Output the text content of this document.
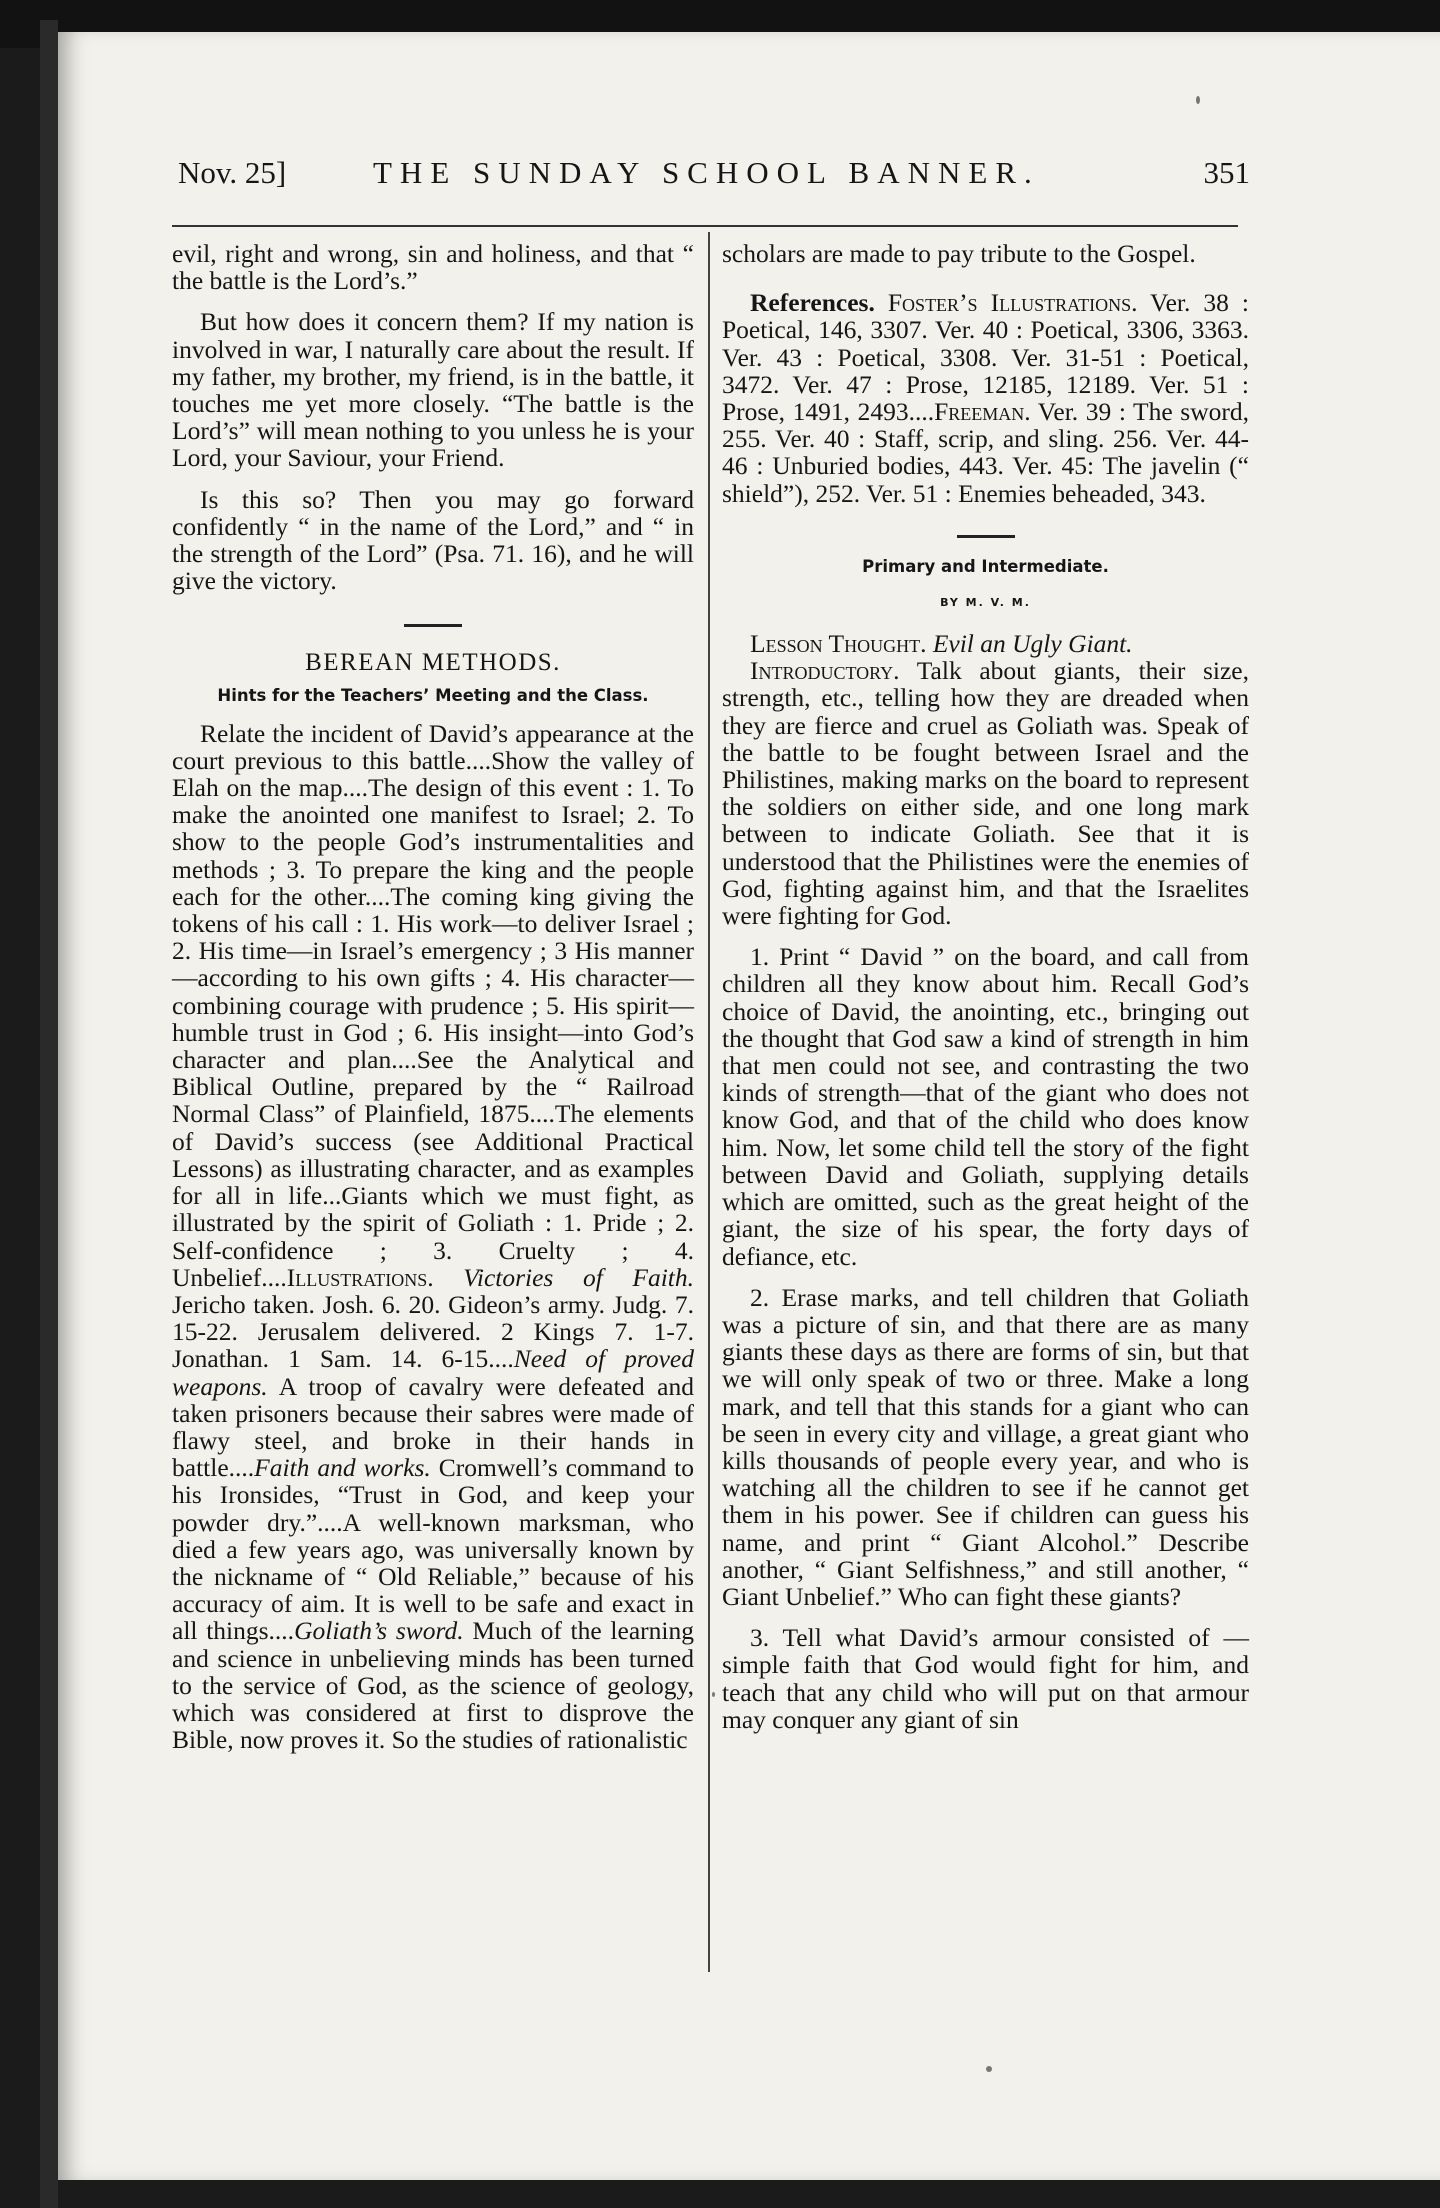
Nov. 25]	THE SUNDAY SCHOOL BANNER.	351

evil, right and wrong, sin and holiness, and that “ the battle is the Lord’s.”

But how does it concern them? If my nation is involved in war, I naturally care about the result. If my father, my brother, my friend, is in the battle, it touches me yet more closely. “The battle is the Lord’s” will mean nothing to you unless he is your Lord, your Saviour, your Friend.

Is this so? Then you may go forward confidently “ in the name of the Lord,” and “ in the strength of the Lord” (Psa. 71. 16), and he will give the victory.

BEREAN METHODS.
Hints for the Teachers’ Meeting and the Class.

Relate the incident of David’s appearance at the court previous to this battle....Show the valley of Elah on the map....The design of this event : 1. To make the anointed one manifest to Israel; 2. To show to the people God’s instrumentalities and methods ; 3. To prepare the king and the people each for the other....The coming king giving the tokens of his call : 1. His work—to deliver Israel ; 2. His time—in Israel’s emergency ; 3 His manner—according to his own gifts ; 4. His character—combining courage with prudence ; 5. His spirit—humble trust in God ; 6. His insight—into God’s character and plan....See the Analytical and Biblical Outline, prepared by the “ Railroad Normal Class” of Plainfield, 1875....The elements of David’s success (see Additional Practical Lessons) as illustrating character, and as examples for all in life...Giants which we must fight, as illustrated by the spirit of Goliath : 1. Pride ; 2. Self-confidence ; 3. Cruelty ; 4. Unbelief....Illustrations. Victories of Faith. Jericho taken. Josh. 6. 20. Gideon’s army. Judg. 7. 15-22. Jerusalem delivered. 2 Kings 7. 1-7. Jonathan. 1 Sam. 14. 6-15....Need of proved weapons. A troop of cavalry were defeated and taken prisoners because their sabres were made of flawy steel, and broke in their hands in battle....Faith and works. Cromwell’s command to his Ironsides, “Trust in God, and keep your powder dry.”....A well-known marksman, who died a few years ago, was universally known by the nickname of “ Old Reliable,” because of his accuracy of aim. It is well to be safe and exact in all things....Goliath’s sword. Much of the learning and science in unbelieving minds has been turned to the service of God, as the science of geology, which was considered at first to disprove the Bible, now proves it. So the studies of rationalistic

scholars are made to pay tribute to the Gospel.

References. Foster’s Illustrations. Ver. 38 : Poetical, 146, 3307. Ver. 40 : Poetical, 3306, 3363. Ver. 43 : Poetical, 3308. Ver. 31-51 : Poetical, 3472. Ver. 47 : Prose, 12185, 12189. Ver. 51 : Prose, 1491, 2493....Freeman. Ver. 39 : The sword, 255. Ver. 40 : Staff, scrip, and sling. 256. Ver. 44-46 : Unburied bodies, 443. Ver. 45: The javelin (“ shield”), 252. Ver. 51 : Enemies beheaded, 343.

Primary and Intermediate.
BY M. V. M.

Lesson Thought. Evil an Ugly Giant.

Introductory. Talk about giants, their size, strength, etc., telling how they are dreaded when they are fierce and cruel as Goliath was. Speak of the battle to be fought between Israel and the Philistines, making marks on the board to represent the soldiers on either side, and one long mark between to indicate Goliath. See that it is understood that the Philistines were the enemies of God, fighting against him, and that the Israelites were fighting for God.

1. Print “ David ” on the board, and call from children all they know about him. Recall God’s choice of David, the anointing, etc., bringing out the thought that God saw a kind of strength in him that men could not see, and contrasting the two kinds of strength—that of the giant who does not know God, and that of the child who does know him. Now, let some child tell the story of the fight between David and Goliath, supplying details which are omitted, such as the great height of the giant, the size of his spear, the forty days of defiance, etc.

2. Erase marks, and tell children that Goliath was a picture of sin, and that there are as many giants these days as there are forms of sin, but that we will only speak of two or three. Make a long mark, and tell that this stands for a giant who can be seen in every city and village, a great giant who kills thousands of people every year, and who is watching all the children to see if he cannot get them in his power. See if children can guess his name, and print “ Giant Alcohol.” Describe another, “ Giant Selfishness,” and still another, “ Giant Unbelief.” Who can fight these giants?

3. Tell what David’s armour consisted of —simple faith that God would fight for him, and teach that any child who will put on that armour may conquer any giant of sin
